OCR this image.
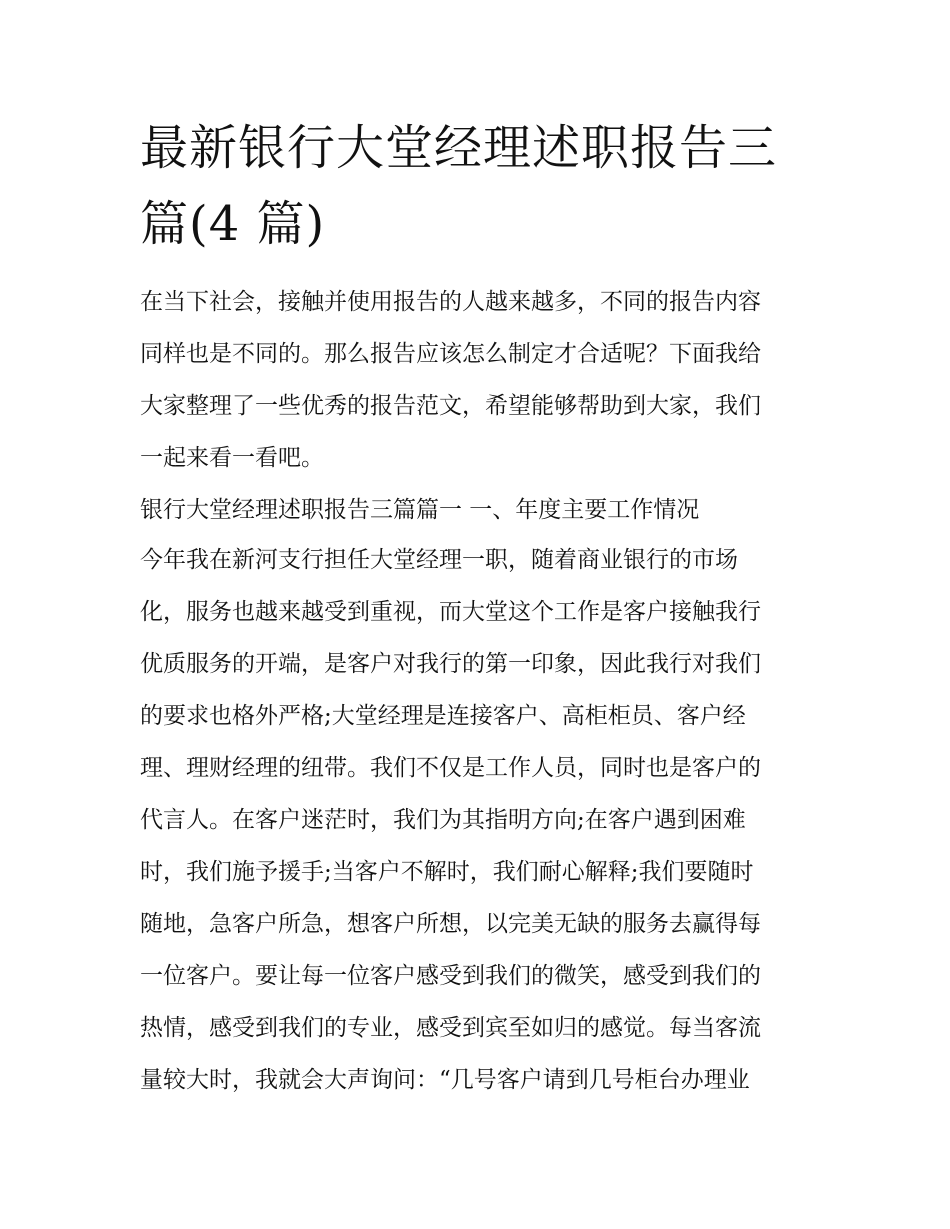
最新银行大堂经理述职报告三
篇(4 篇)
在当下社会，接触并使用报告的人越来越多，不同的报告内容
同样也是不同的。那么报告应该怎么制定才合适呢？下面我给
大家整理了一些优秀的报告范文，希望能够帮助到大家，我们
一起来看一看吧。
银行大堂经理述职报告三篇篇一 一、年度主要工作情况
今年我在新河支行担任大堂经理一职，随着商业银行的市场
化，服务也越来越受到重视，而大堂这个工作是客户接触我行
优质服务的开端，是客户对我行的第一印象，因此我行对我们
的要求也格外严格;大堂经理是连接客户、高柜柜员、客户经
理、理财经理的纽带。我们不仅是工作人员，同时也是客户的
代言人。在客户迷茫时，我们为其指明方向;在客户遇到困难
时，我们施予援手;当客户不解时，我们耐心解释;我们要随时
随地，急客户所急，想客户所想，以完美无缺的服务去赢得每
一位客户。要让每一位客户感受到我们的微笑，感受到我们的
热情，感受到我们的专业，感受到宾至如归的感觉。每当客流
量较大时，我就会大声询问：“几号客户请到几号柜台办理业
